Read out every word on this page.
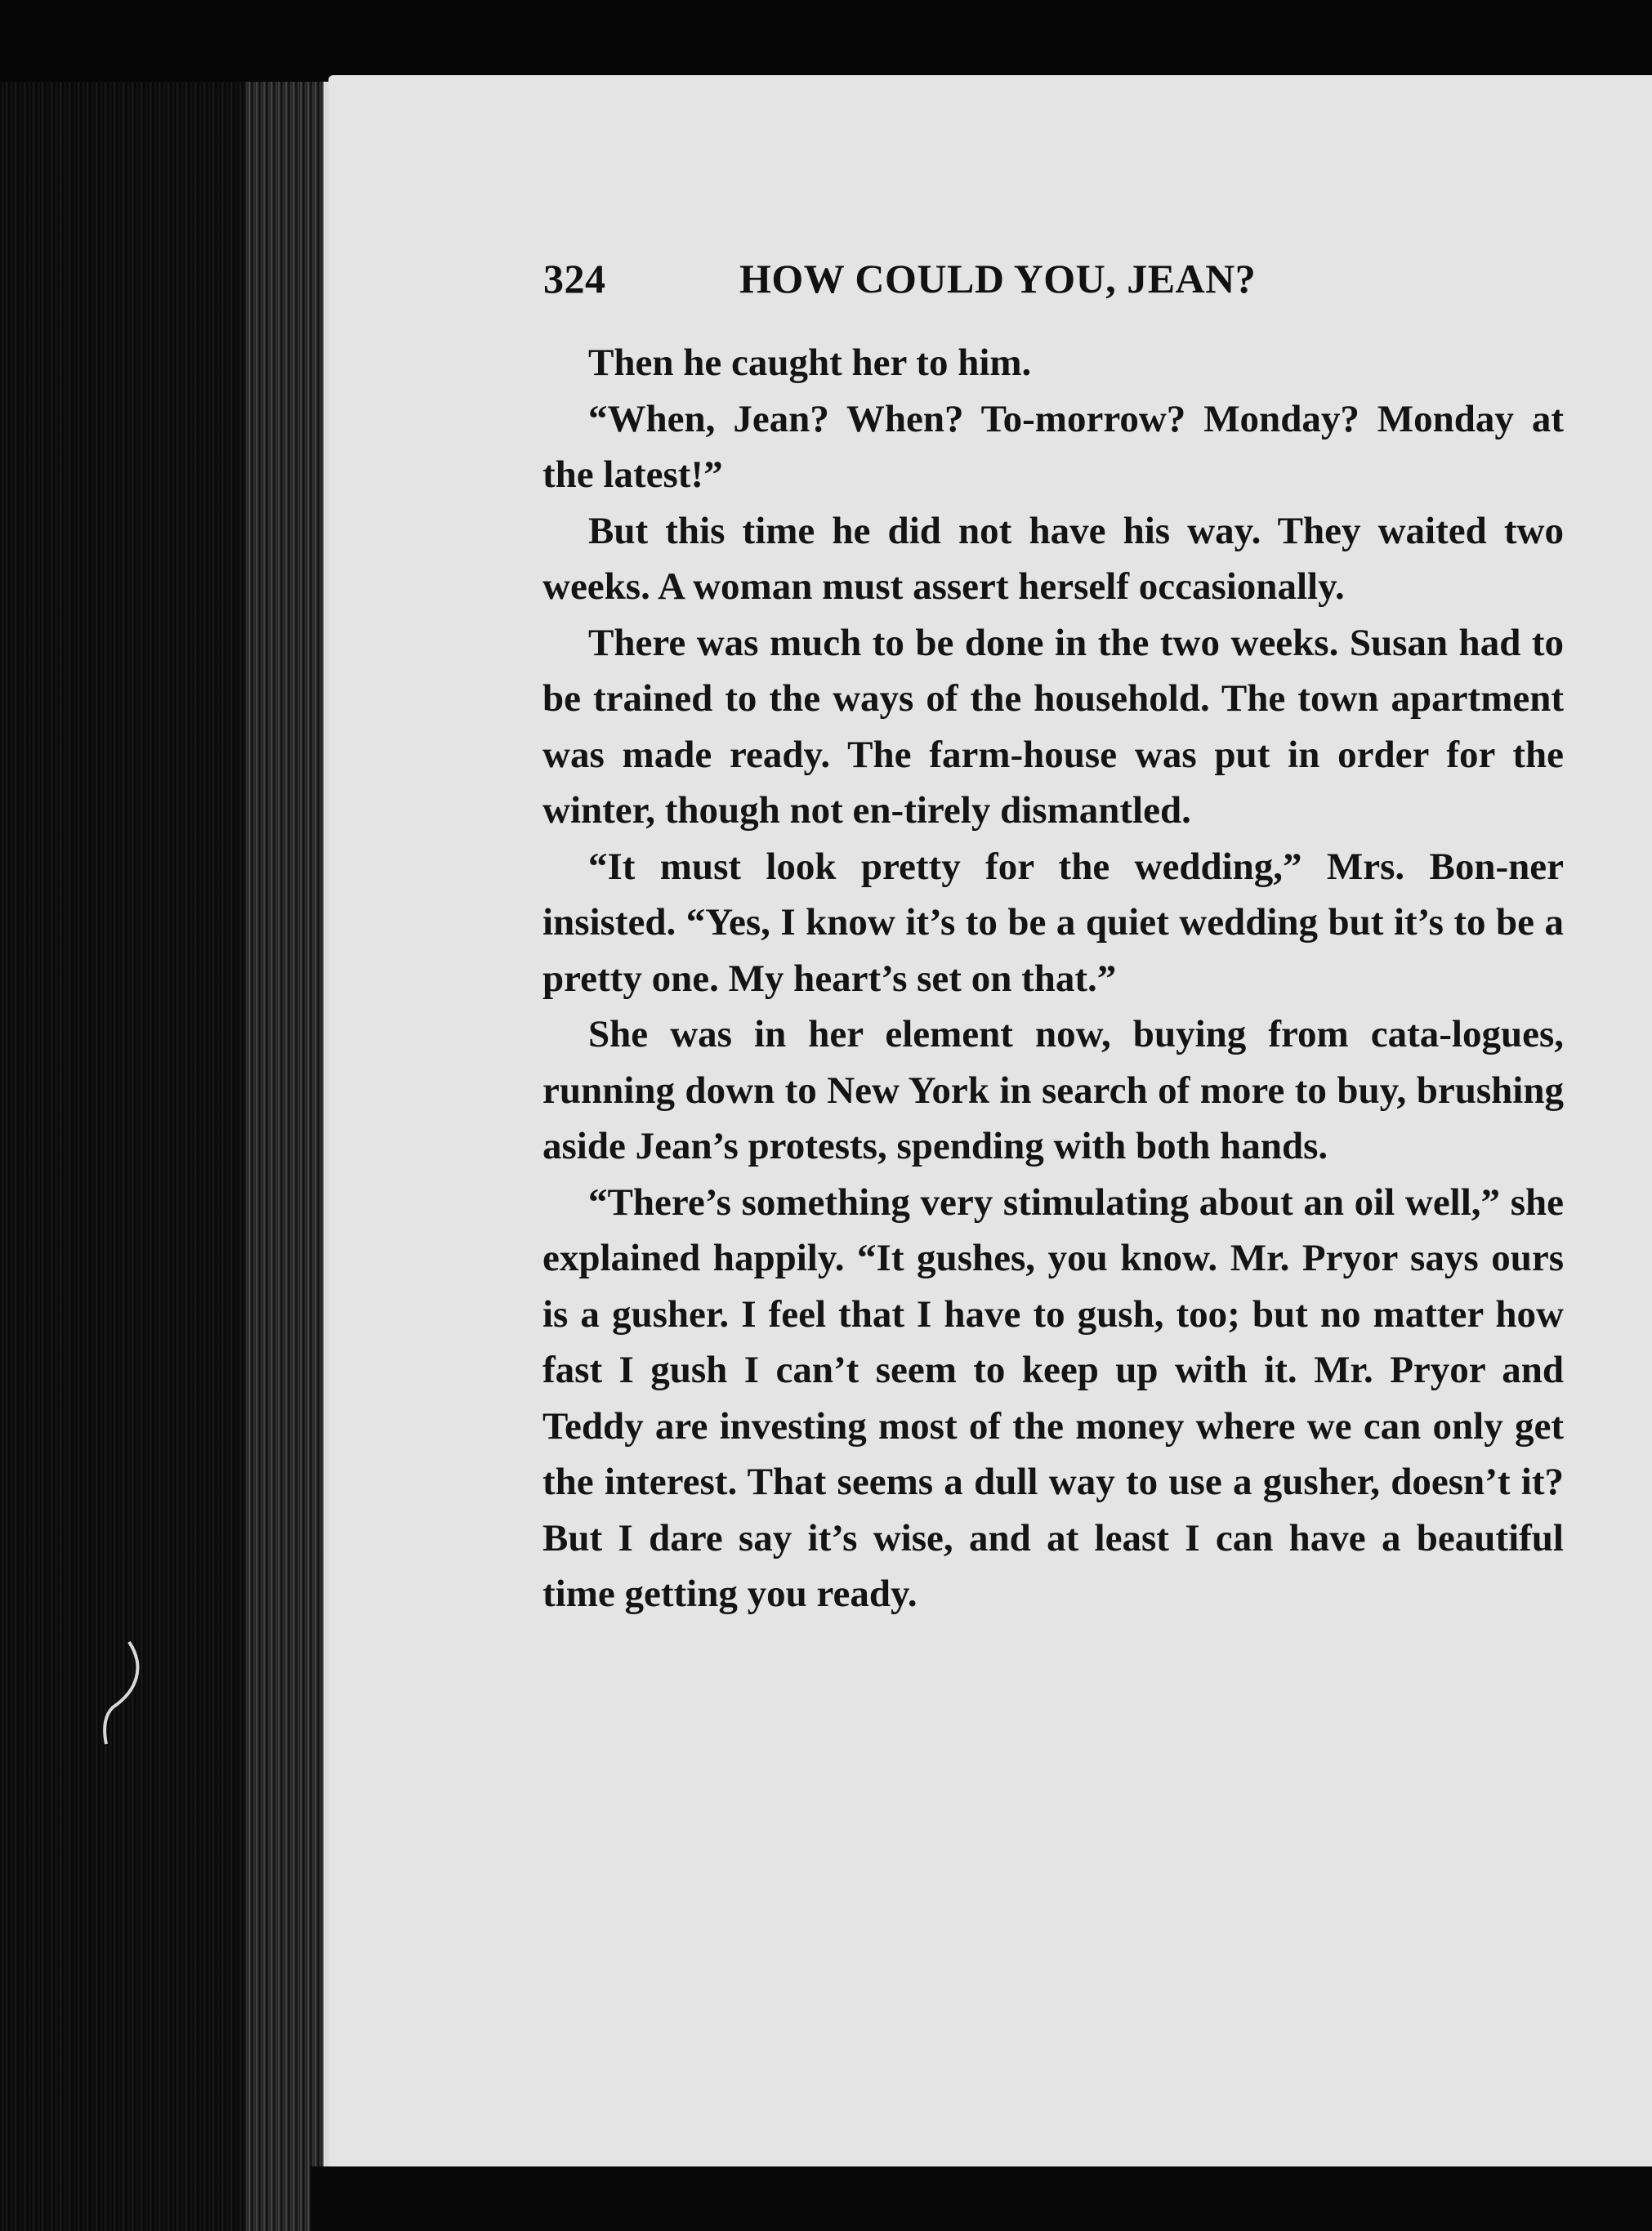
324	HOW COULD YOU, JEAN?

Then he caught her to him.

“When, Jean? When? To-morrow? Monday? Monday at the latest!”

But this time he did not have his way. They waited two weeks. A woman must assert herself occasionally.

There was much to be done in the two weeks. Susan had to be trained to the ways of the household. The town apartment was made ready. The farm-house was put in order for the winter, though not en-tirely dismantled.

“It must look pretty for the wedding,” Mrs. Bon-ner insisted. “Yes, I know it’s to be a quiet wedding but it’s to be a pretty one. My heart’s set on that.”

She was in her element now, buying from cata-logues, running down to New York in search of more to buy, brushing aside Jean’s protests, spending with both hands.

“There’s something very stimulating about an oil well,” she explained happily. “It gushes, you know. Mr. Pryor says ours is a gusher. I feel that I have to gush, too; but no matter how fast I gush I can’t seem to keep up with it. Mr. Pryor and Teddy are investing most of the money where we can only get the interest. That seems a dull way to use a gusher, doesn’t it? But I dare say it’s wise, and at least I can have a beautiful time getting you ready.
